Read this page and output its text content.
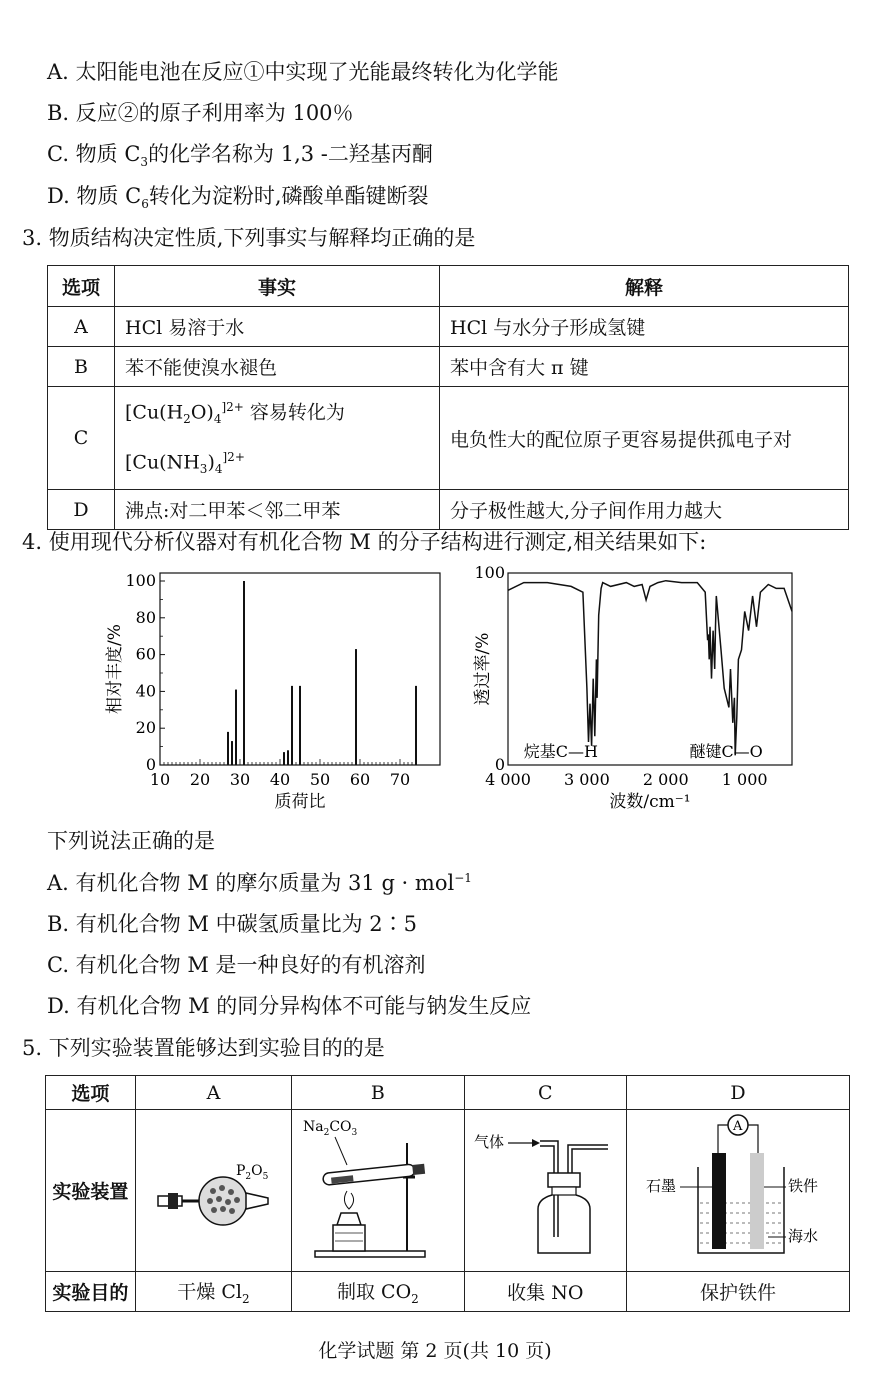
A. 太阳能电池在反应①中实现了光能最终转化为化学能
B. 反应②的原子利用率为 100％
C. 物质 $C_3$的化学名称为 1,3 -二羟基丙酮
D. 物质 $C_6$转化为淀粉时,磷酸单酯键断裂
3. 物质结构决定性质,下列事实与解释均正确的是
选项	事实	解释
A	HCl 易溶于水	HCl 与水分子形成氢键
B	苯不能使溴水褪色	苯中含有大 π 键
C	[$Cu(H_2O)_4^{]2+}$ 容易转化为
[$Cu(NH_3)_4^{]2+}$	电负性大的配位原子更容易提供孤电子对
D	沸点:对二甲苯＜邻二甲苯	分子极性越大,分子间作用力越大
4. 使用现代分析仪器对有机化合物 M 的分子结构进行测定,相关结果如下:
10 20 30 40 50 60 70
0
20
40
60
80
100
质荷比
相对丰度/%
4 000 3 000 2 000 1 000
0
100
烷基C—H	醚键C—O
波数/cm⁻¹
透过率/%
下列说法正确的是
A. 有机化合物 M 的摩尔质量为 31 g · mol$^{-1}$
B. 有机化合物 M 中碳氢质量比为 2∶5
C. 有机化合物 M 是一种良好的有机溶剂
D. 有机化合物 M 的同分异构体不可能与钠发生反应
5. 下列实验装置能够达到实验目的的是
选项	A	B	C	D
实验装置	$P_2O_5$	$Na_2CO_3$	气体	A
石墨 铁件
海水

实验目的	干燥 $Cl_2$	制取 $CO_2$	收集 NO	保护铁件
化学试题 第 2 页(共 10 页)
